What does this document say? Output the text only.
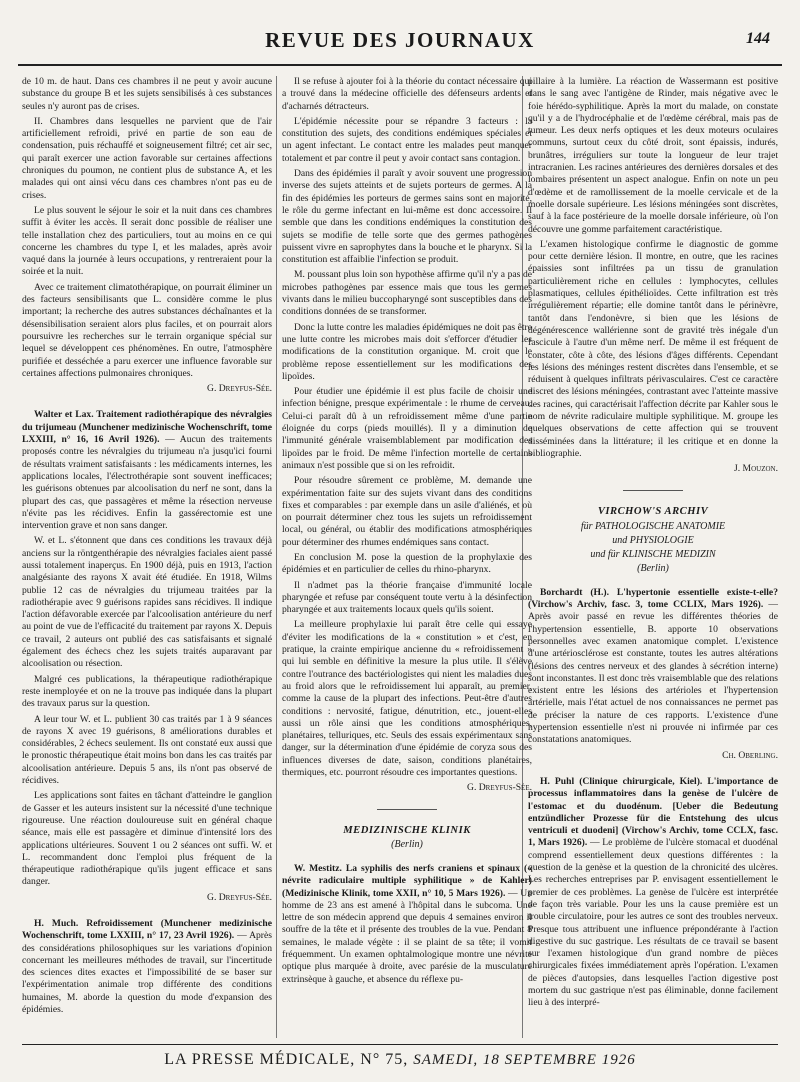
REVUE DES JOURNAUX	144

de 10 m. de haut. Dans ces chambres il ne peut y avoir aucune substance du groupe B et les sujets sensibilisés à ces substances seules n'y auront pas de crises.

II. Chambres dans lesquelles ne parvient que de l'air artificiellement refroidi, privé en partie de son eau de condensation, puis réchauffé et soigneusement filtré; cet air sec, qui paraît exercer une action favorable sur certaines affections chroniques du poumon, ne contient plus de substance A, et les malades qui ont ainsi vécu dans ces chambres n'ont pas eu de crises.

Le plus souvent le séjour le soir et la nuit dans ces chambres suffit à éviter les accès. Il serait donc possible de réaliser une telle installation chez des particuliers, tout au moins en ce qui concerne les chambres du type I, et les malades, après avoir vaqué dans la journée à leurs occupations, y rentreraient pour la soirée et la nuit.

Avec ce traitement climatothérapique, on pourrait éliminer un des facteurs sensibilisants que L. considère comme le plus important; la recherche des autres substances déchaînantes et la désensibilisation seraient alors plus faciles, et on pourrait alors poursuivre les recherches sur le terrain organique spécial sur lequel se développent ces phénomènes. En outre, l'atmosphère purifiée et desséchée a paru exercer une influence favorable sur certaines affections pulmonaires chroniques.

G. Dreyfus-Sée.

Walter et Lax. Traitement radiothérapique des névralgies du trijumeau (Munchener medizinische Wochenschrift, tome LXXIII, n° 16, 16 Avril 1926). — Aucun des traitements proposés contre les névralgies du trijumeau n'a jusqu'ici fourni de résultats vraiment satisfaisants : les médicaments internes, les applications locales, l'électrothérapie sont souvent inefficaces; les guérisons obtenues par alcoolisation du nerf ne sont, dans la plupart des cas, que passagères et même la résection nerveuse n'évite pas les récidives. Enfin la gassérectomie est une intervention grave et non sans danger.

W. et L. s'étonnent que dans ces conditions les travaux déjà anciens sur la röntgenthérapie des névralgies faciales aient passé aussi totalement inaperçus. En 1900 déjà, puis en 1913, l'action analgésiante des rayons X avait été étudiée. En 1918, Wilms publie 12 cas de névralgies du trijumeau traitées par la radiothérapie avec 9 guérisons rapides sans récidives. Il indique l'action défavorable exercée par l'alcoolisation antérieure du nerf au point de vue de l'efficacité du traitement par rayons X. Depuis ce travail, 2 auteurs ont publié des cas satisfaisants et signalé également des échecs chez les sujets traités auparavant par alcoolisation ou résection.

Malgré ces publications, la thérapeutique radiothérapique reste inemployée et on ne la trouve pas indiquée dans la plupart des travaux parus sur la question.

A leur tour W. et L. publient 30 cas traités par 1 à 9 séances de rayons X avec 19 guérisons, 8 améliorations durables et considérables, 2 échecs seulement. Ils ont constaté eux aussi que le pronostic thérapeutique était moins bon dans les cas traités par alcoolisation antérieure. Depuis 5 ans, ils n'ont pas observé de récidives.

Les applications sont faites en tâchant d'atteindre le ganglion de Gasser et les auteurs insistent sur la nécessité d'une technique rigoureuse. Une réaction douloureuse suit en général chaque séance, mais elle est passagère et diminue d'intensité lors des applications ultérieures. Souvent 1 ou 2 séances ont suffi. W. et L. recommandent donc l'emploi plus fréquent de la thérapeutique radiothérapique qu'ils jugent efficace et sans danger.

G. Dreyfus-Sée.

H. Much. Refroidissement (Munchener medizinische Wochenschrift, tome LXXIII, n° 17, 23 Avril 1926). — Après des considérations philosophiques sur les variations d'opinion concernant les meilleures méthodes de travail, sur l'incertitude des sciences dites exactes et l'impossibilité de se baser sur l'expérimentation animale trop différente des conditions humaines, M. aborde la question du mode d'expansion des épidémies.

Il se refuse à ajouter foi à la théorie du contact nécessaire qui a trouvé dans la médecine officielle des défenseurs ardents et d'acharnés détracteurs.

L'épidémie nécessite pour se répandre 3 facteurs : la constitution des sujets, des conditions endémiques spéciales et un agent infectant. Le contact entre les malades peut manquer totalement et par contre il peut y avoir contact sans contagion.

Dans des épidémies il paraît y avoir souvent une progression inverse des sujets atteints et de sujets porteurs de germes. A la fin des épidémies les porteurs de germes sains sont en majorité, le rôle du germe infectant en lui-même est donc accessoire. Il semble que dans les conditions endémiques la constitution des sujets se modifie de telle sorte que des germes pathogènes puissent vivre en saprophytes dans la bouche et le pharynx. Si la constitution est affaiblie l'infection se produit.

M. poussant plus loin son hypothèse affirme qu'il n'y a pas de microbes pathogènes par essence mais que tous les germes vivants dans le milieu buccopharyngé sont susceptibles dans des conditions données de se transformer.

Donc la lutte contre les maladies épidémiques ne doit pas être une lutte contre les microbes mais doit s'efforcer d'étudier les modifications de la constitution organique. M. croit que le problème repose essentiellement sur les modifications des lipoïdes.

Pour étudier une épidémie il est plus facile de choisir une infection bénigne, presque expérimentale : le rhume de cerveau. Celui-ci paraît dû à un refroidissement même d'une partie éloignée du corps (pieds mouillés). Il y a diminution de l'immunité générale vraisemblablement par modification des lipoïdes par le froid. De même l'infection mortelle de certains animaux n'est possible que si on les refroidit.

Pour résoudre sûrement ce problème, M. demande une expérimentation faite sur des sujets vivant dans des conditions fixes et comparables : par exemple dans un asile d'aliénés, et où on pourrait déterminer chez tous les sujets un refroidissement local, ou général, ou établir des modifications atmosphériques pour déterminer des rhumes endémiques sans contact.

En conclusion M. pose la question de la prophylaxie des épidémies et en particulier de celles du rhino-pharynx.

Il n'admet pas la théorie française d'immunité locale pharyngée et refuse par conséquent toute vertu à la désinfection pharyngée et aux traitements locaux quels qu'ils soient.

La meilleure prophylaxie lui paraît être celle qui essaye d'éviter les modifications de la « constitution » et c'est, en pratique, la crainte empirique ancienne du « refroidissement » qui lui semble en définitive la mesure la plus utile. Il s'élève contre l'outrance des bactériologistes qui nient les maladies dues au froid alors que le refroidissement lui apparaît, au premier, comme la cause de la plupart des infections. Peut-être d'autres conditions : nervosité, fatigue, dénutrition, etc., jouent-elles aussi un rôle ainsi que les conditions atmosphériques, planétaires, telluriques, etc. Seuls des essais expérimentaux sans danger, sur la détermination d'une épidémie de coryza sous des influences diverses de date, saison, conditions planétaires, thermiques, etc. pourront résoudre ces importantes questions.

G. Dreyfus-Sée.
MEDIZINISCHE KLINIK
(Berlin)

W. Mestitz. La syphilis des nerfs craniens et spinaux (« névrite radiculaire multiple syphilitique » de Kahler) (Medizinische Klinik, tome XXII, n° 10, 5 Mars 1926). — Un homme de 23 ans est amené à l'hôpital dans le subcoma. Une lettre de son médecin apprend que depuis 4 semaines environ il souffre de la tête et il présente des troubles de la vue. Pendant 8 semaines, le malade végète : il se plaint de sa tête; il vomit fréquemment. Un examen ophtalmologique montre une névrite optique plus marquée à droite, avec parésie de la musculature extrinsèque à gauche, et absence du réflexe pu-

pillaire à la lumière. La réaction de Wassermann est positive dans le sang avec l'antigène de Rinder, mais négative avec le foie hérédo-syphilitique. Après la mort du malade, on constate qu'il y a de l'hydrocéphalie et de l'œdème cérébral, mais pas de tumeur. Les deux nerfs optiques et les deux moteurs oculaires communs, surtout ceux du côté droit, sont épaissis, indurés, brunâtres, irréguliers sur toute la longueur de leur trajet intracranien. Les racines antérieures des dernières dorsales et des lombaires présentent un aspect analogue. Enfin on note un peu d'œdème et de ramollissement de la moelle cervicale et de la moelle dorsale supérieure. Les lésions méningées sont discrètes, sauf à la face postérieure de la moelle dorsale inférieure, où l'on découvre une gomme parfaitement caractéristique.

L'examen histologique confirme le diagnostic de gomme pour cette dernière lésion. Il montre, en outre, que les racines épaissies sont infiltrées pa un tissu de granulation particulièrement riche en cellules : lymphocytes, cellules plasmatiques, cellules épithélioïdes. Cette infiltration est très irrégulièrement répartie; elle domine tantôt dans le périnèvre, tantôt dans l'endonèvre, si bien que les lésions de dégénérescence wallérienne sont de gravité très inégale d'un fascicule à l'autre d'un même nerf. De même il est fréquent de constater, côte à côte, des lésions d'âges différents. Cependant les lésions des méninges restent discrètes dans l'ensemble, et se réduisent à quelques infiltrats périvasculaires. C'est ce caractère discret des lésions méningées, contrastant avec l'atteinte massive des racines, qui caractérisait l'affection décrite par Kahler sous le nom de névrite radiculaire multiple syphilitique. M. groupe les quelques observations de cette affection qui se trouvent disséminées dans la littérature; il les critique et en donne la bibliographie.

J. Mouzon.
VIRCHOW'S ARCHIV
für PATHOLOGISCHE ANATOMIE
und PHYSIOLOGIE
und für KLINISCHE MEDIZIN
(Berlin)

Borchardt (H.). L'hypertonie essentielle existe-t-elle? (Virchow's Archiv, fasc. 3, tome CCLIX, Mars 1926). — Après avoir passé en revue les différentes théories de l'hypertension essentielle, B. apporte 10 observations personnelles avec examen anatomique complet. L'existence d'une artériosclérose est constante, toutes les autres altérations (lésions des centres nerveux et des glandes à sécrétion interne) sont inconstantes. Il est donc très vraisemblable que des relations existent entre les lésions des artérioles et l'hypertension artérielle, mais l'état actuel de nos connaissances ne permet pas de préciser la nature de ces rapports. L'existence d'une hypertension essentielle n'est ni prouvée ni infirmée par ces constatations anatomiques.

Ch. Oberling.

H. Puhl (Clinique chirurgicale, Kiel). L'importance de processus inflammatoires dans la genèse de l'ulcère de l'estomac et du duodénum. [Ueber die Bedeutung entzündlicher Prozesse für die Entstehung des ulcus ventriculi et duodeni] (Virchow's Archiv, tome CCLX, fasc. 1, Mars 1926). — Le problème de l'ulcère stomacal et duodénal comprend essentiellement deux questions différentes : la question de la genèse et la question de la chronicité des ulcères. Les recherches entreprises par P. envisagent essentiellement le premier de ces problèmes. La genèse de l'ulcère est interprétée de façon très variable. Pour les uns la cause première est un trouble circulatoire, pour les autres ce sont des troubles nerveux. Presque tous attribuent une influence prépondérante à l'action digestive du suc gastrique. Les résultats de ce travail se basent sur l'examen histologique d'un grand nombre de pièces chirurgicales fixées immédiatement après l'opération. L'examen de pièces d'autopsies, dans lesquelles l'action digestive post mortem du suc gastrique n'est pas éliminable, donne facilement lieu à des interpré-

LA PRESSE MÉDICALE, N° 75, SAMEDI, 18 SEPTEMBRE 1926
